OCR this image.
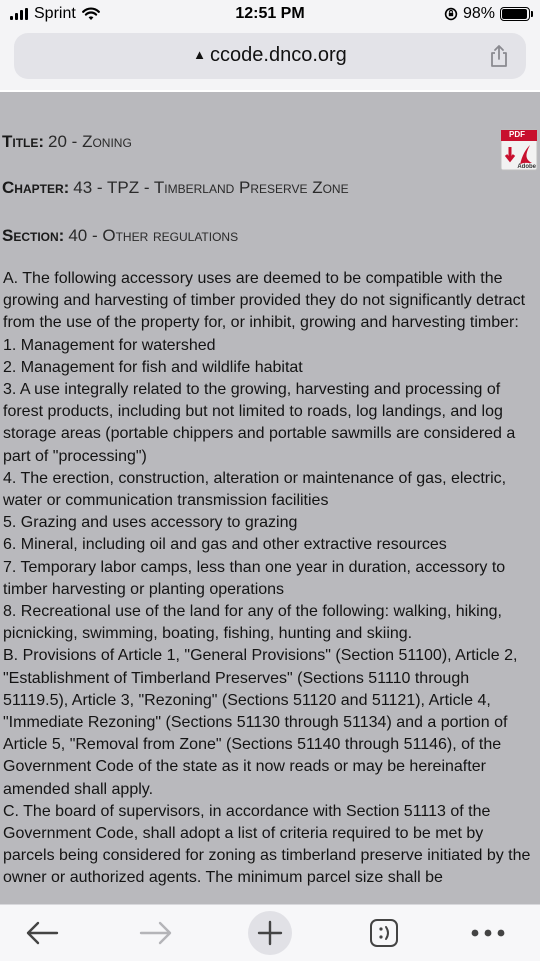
Sprint	12:51 PM	98%
▲ ccode.dnco.org
PDF
Adobe
Title: 20 - Zoning
Chapter: 43 - TPZ - Timberland Preserve Zone
Section: 40 - Other regulations

A. The following accessory uses are deemed to be compatible with the growing and harvesting of timber provided they do not significantly detract from the use of the property for, or inhibit, growing and harvesting timber:

1. Management for watershed

2. Management for fish and wildlife habitat

3. A use integrally related to the growing, harvesting and processing of forest products, including but not limited to roads, log landings, and log storage areas (portable chippers and portable sawmills are considered a part of "processing")

4. The erection, construction, alteration or maintenance of gas, electric, water or communication transmission facilities

5. Grazing and uses accessory to grazing

6. Mineral, including oil and gas and other extractive resources

7. Temporary labor camps, less than one year in duration, accessory to timber harvesting or planting operations

8. Recreational use of the land for any of the following: walking, hiking, picnicking, swimming, boating, fishing, hunting and skiing.

B. Provisions of Article 1, "General Provisions" (Section 51100), Article 2, "Establishment of Timberland Preserves" (Sections 51110 through 51119.5), Article 3, "Rezoning" (Sections 51120 and 51121), Article 4, "Immediate Rezoning" (Sections 51130 through 51134) and a portion of Article 5, "Removal from Zone" (Sections 51140 through 51146), of the Government Code of the state as it now reads or may be hereinafter amended shall apply.

C. The board of supervisors, in accordance with Section 51113 of the Government Code, shall adopt a list of criteria required to be met by parcels being considered for zoning as timberland preserve initiated by the owner or authorized agents. The minimum parcel size shall be
